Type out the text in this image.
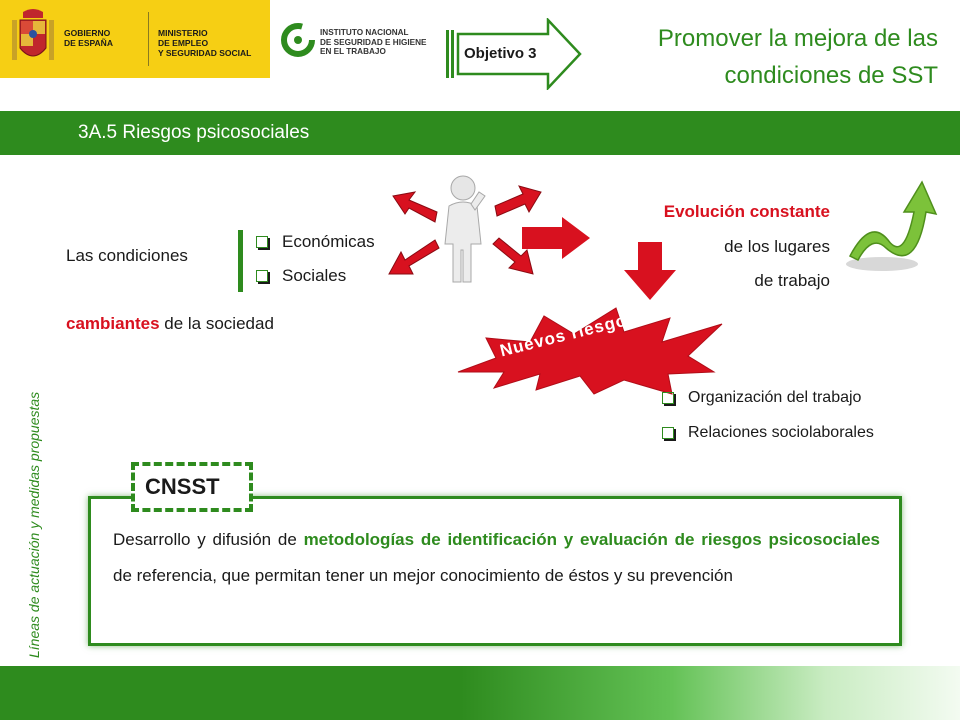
GOBIERNO
DE ESPAÑA
MINISTERIO
DE EMPLEO
Y SEGURIDAD SOCIAL
INSTITUTO NACIONAL
DE SEGURIDAD E HIGIENE
EN EL TRABAJO	Objetivo 3
Promover la mejora de las condiciones de SST
3A.5 Riesgos psicosociales
Líneas de actuación y medidas propuestas
Las condiciones
Económicas
Sociales
cambiantes de la sociedad
Evolución constante
de los lugares
de trabajo
Nuevos riesgos
Organización del trabajo
Relaciones sociolaborales
CNSST
Desarrollo y difusión de metodologías de identificación y evaluación de riesgos psicosociales de referencia, que permitan tener un mejor conocimiento de éstos y su prevención
